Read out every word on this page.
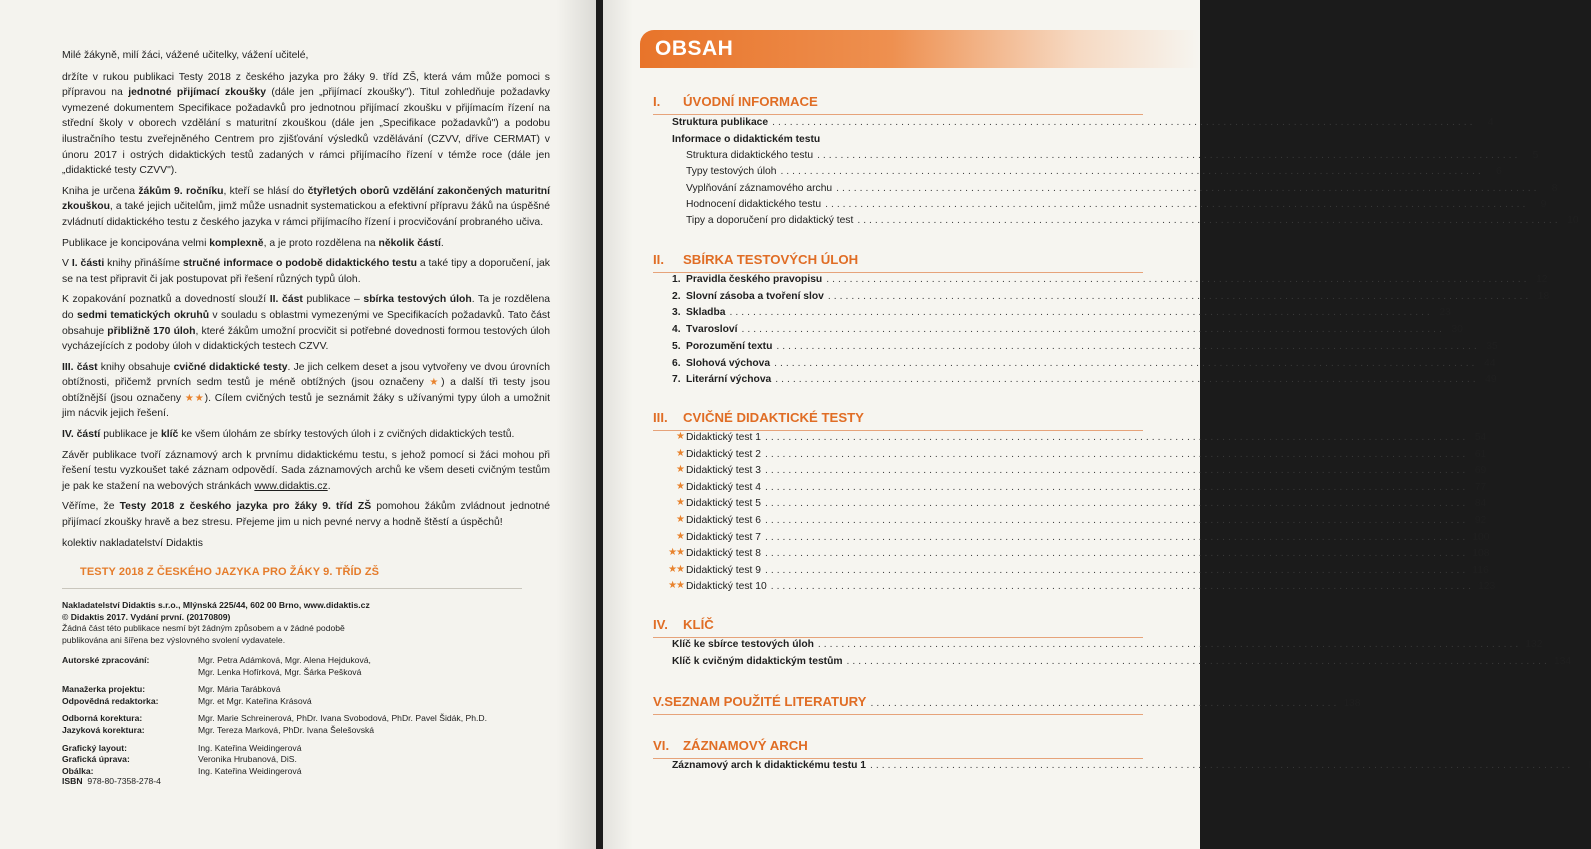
Milé žákyně, milí žáci, vážené učitelky, vážení učitelé,

držíte v rukou publikaci Testy 2018 z českého jazyka pro žáky 9. tříd ZŠ, která vám může pomoci s přípravou na jednotné přijímací zkoušky (dále jen „přijímací zkoušky"). Titul zohledňuje požadavky vymezené dokumentem Specifikace požadavků pro jednotnou přijímací zkoušku v přijímacím řízení na střední školy v oborech vzdělání s maturitní zkouškou (dále jen „Specifikace požadavků") a podobu ilustračního testu zveřejněného Centrem pro zjišťování výsledků vzdělávání (CZVV, dříve CERMAT) v únoru 2017 i ostrých didaktických testů zadaných v rámci přijímacího řízení v témže roce (dále jen „didaktické testy CZVV").

Kniha je určena žákům 9. ročníku, kteří se hlásí do čtyřletých oborů vzdělání zakončených maturitní zkouškou, a také jejich učitelům, jimž může usnadnit systematickou a efektivní přípravu žáků na úspěšné zvládnutí didaktického testu z českého jazyka v rámci přijímacího řízení i procvičování probraného učiva.

Publikace je koncipována velmi komplexně, a je proto rozdělena na několik částí.

V I. části knihy přinášíme stručné informace o podobě didaktického testu a také tipy a doporučení, jak se na test připravit či jak postupovat při řešení různých typů úloh.

K zopakování poznatků a dovedností slouží II. část publikace – sbírka testových úloh. Ta je rozdělena do sedmi tematických okruhů v souladu s oblastmi vymezenými ve Specifikacích požadavků. Tato část obsahuje přibližně 170 úloh, které žákům umožní procvičit si potřebné dovednosti formou testových úloh vycházejících z podoby úloh v didaktických testech CZVV.

III. část knihy obsahuje cvičné didaktické testy. Je jich celkem deset a jsou vytvořeny ve dvou úrovních obtížnosti, přičemž prvních sedm testů je méně obtížných (jsou označeny ★) a další tři testy jsou obtížnější (jsou označeny ★★). Cílem cvičných testů je seznámit žáky s užívanými typy úloh a umožnit jim nácvik jejich řešení.

IV. částí publikace je klíč ke všem úlohám ze sbírky testových úloh i z cvičných didaktických testů.

Závěr publikace tvoří záznamový arch k prvnímu didaktickému testu, s jehož pomocí si žáci mohou při řešení testu vyzkoušet také záznam odpovědí. Sada záznamových archů ke všem deseti cvičným testům je pak ke stažení na webových stránkách www.didaktis.cz.

Věříme, že Testy 2018 z českého jazyka pro žáky 9. tříd ZŠ pomohou žákům zvládnout jednotné přijímací zkoušky hravě a bez stresu. Přejeme jim u nich pevné nervy a hodně štěstí a úspěchů!

kolektiv nakladatelství Didaktis

TESTY 2018 Z ČESKÉHO JAZYKA PRO ŽÁKY 9. TŘÍD ZŠ
Nakladatelství Didaktis s.r.o., Mlýnská 225/44, 602 00 Brno, www.didaktis.cz
© Didaktis 2017. Vydání první. (20170809)
Žádná část této publikace nesmí být žádným způsobem a v žádné podobě
publikována ani šířena bez výslovného svolení vydavatele.
Autorské zpracování:	Mgr. Petra Adámková, Mgr. Alena Hejduková,
Mgr. Lenka Hofírková, Mgr. Šárka Pešková
Manažerka projektu:	Mgr. Mária Tarábková
Odpovědná redaktorka:	Mgr. et Mgr. Kateřina Krásová
Odborná korektura:	Mgr. Marie Schreinerová, PhDr. Ivana Svobodová, PhDr. Pavel Šidák, Ph.D.
Jazyková korektura:	Mgr. Tereza Marková, PhDr. Ivana Šelešovská
Grafický layout:	Ing. Kateřina Weidingerová
Grafická úprava:	Veronika Hrubanová, DiS.
Obálka:	Ing. Kateřina Weidingerová
ISBN 978-80-7358-278-4
OBSAH
I. ÚVODNÍ INFORMACE
Struktura publikace ........................................................................................................................	4
Informace o didaktickém testu
Struktura didaktického testu ........................................................................................................................	5
Typy testových úloh ........................................................................................................................	6
Vyplňování záznamového archu ........................................................................................................................	8
Hodnocení didaktického testu ........................................................................................................................	9
Tipy a doporučení pro didaktický test ........................................................................................................................ 10
II. SBÍRKA TESTOVÝCH ÚLOH
1. Pravidla českého pravopisu ........................................................................................................................ 12
2. Slovní zásoba a tvoření slov ........................................................................................................................ 18
3. Skladba ........................................................................................................................ 23
4. Tvarosloví ........................................................................................................................ 30
5. Porozumění textu ........................................................................................................................ 35
6. Slohová výchova ........................................................................................................................ 44
7. Literární výchova ........................................................................................................................ 49
III. CVIČNÉ DIDAKTICKÉ TESTY
★ Didaktický test 1 ........................................................................................................................ 54
★ Didaktický test 2 ........................................................................................................................ 61
★ Didaktický test 3 ........................................................................................................................ 69
★ Didaktický test 4 ........................................................................................................................ 77
★ Didaktický test 5 ........................................................................................................................ 84
★ Didaktický test 6 ........................................................................................................................ 92
★ Didaktický test 7 ........................................................................................................................ 100
★★ Didaktický test 8 ........................................................................................................................ 108
★★ Didaktický test 9 ........................................................................................................................ 116
★★ Didaktický test 10 ........................................................................................................................ 123
IV. KLÍČ
Klíč ke sbírce testových úloh ........................................................................................................................ 132
Klíč k cvičným didaktickým testům ........................................................................................................................ 134
V. SEZNAM POUŽITÉ LITERATURY ................................................................................ 138
VI. ZÁZNAMOVÝ ARCH
Záznamový arch k didaktickému testu 1 ........................................................................................................................	I
